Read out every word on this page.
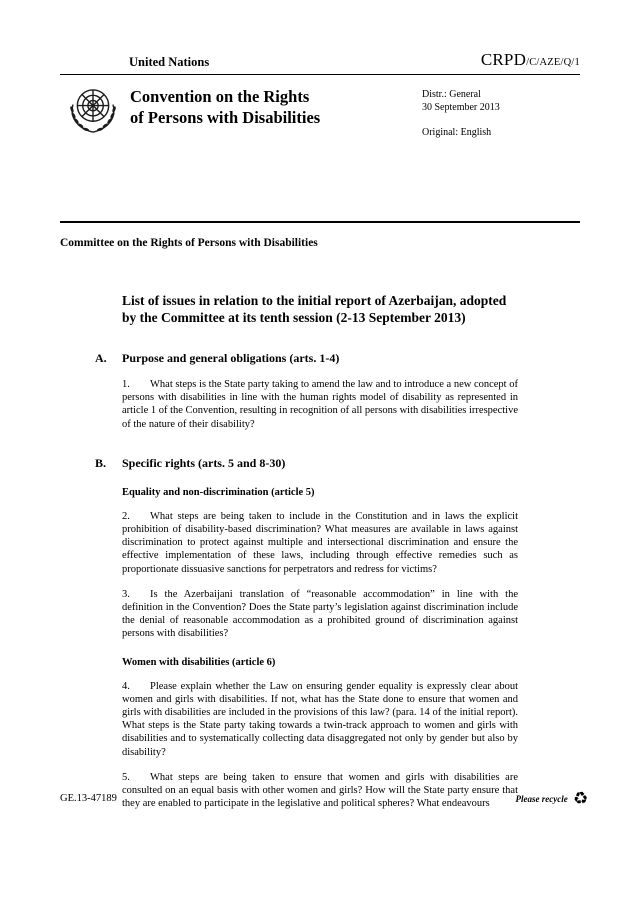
United Nations	CRPD/C/AZE/Q/1
Convention on the Rights
of Persons with Disabilities
Distr.: General
30 September 2013
Original: English
Committee on the Rights of Persons with Disabilities
List of issues in relation to the initial report of Azerbaijan, adopted by the Committee at its tenth session (2-13 September 2013)
A.	Purpose and general obligations (arts. 1-4)

1. What steps is the State party taking to amend the law and to introduce a new concept of persons with disabilities in line with the human rights model of disability as represented in article 1 of the Convention, resulting in recognition of all persons with disabilities irrespective of the nature of their disability?

B.	Specific rights (arts. 5 and 8-30)
Equality and non-discrimination (article 5)

2. What steps are being taken to include in the Constitution and in laws the explicit prohibition of disability-based discrimination? What measures are available in laws against discrimination to protect against multiple and intersectional discrimination and ensure the effective implementation of these laws, including through effective remedies such as proportionate dissuasive sanctions for perpetrators and redress for victims?

3. Is the Azerbaijani translation of “reasonable accommodation” in line with the definition in the Convention? Does the State party’s legislation against discrimination include the denial of reasonable accommodation as a prohibited ground of discrimination against persons with disabilities?

Women with disabilities (article 6)

4. Please explain whether the Law on ensuring gender equality is expressly clear about women and girls with disabilities. If not, what has the State done to ensure that women and girls with disabilities are included in the provisions of this law? (para. 14 of the initial report). What steps is the State party taking towards a twin-track approach to women and girls with disabilities and to systematically collecting data disaggregated not only by gender but also by disability?

5. What steps are being taken to ensure that women and girls with disabilities are consulted on an equal basis with other women and girls? How will the State party ensure that they are enabled to participate in the legislative and political spheres? What endeavours

GE.13-47189	Please recycle ♻
